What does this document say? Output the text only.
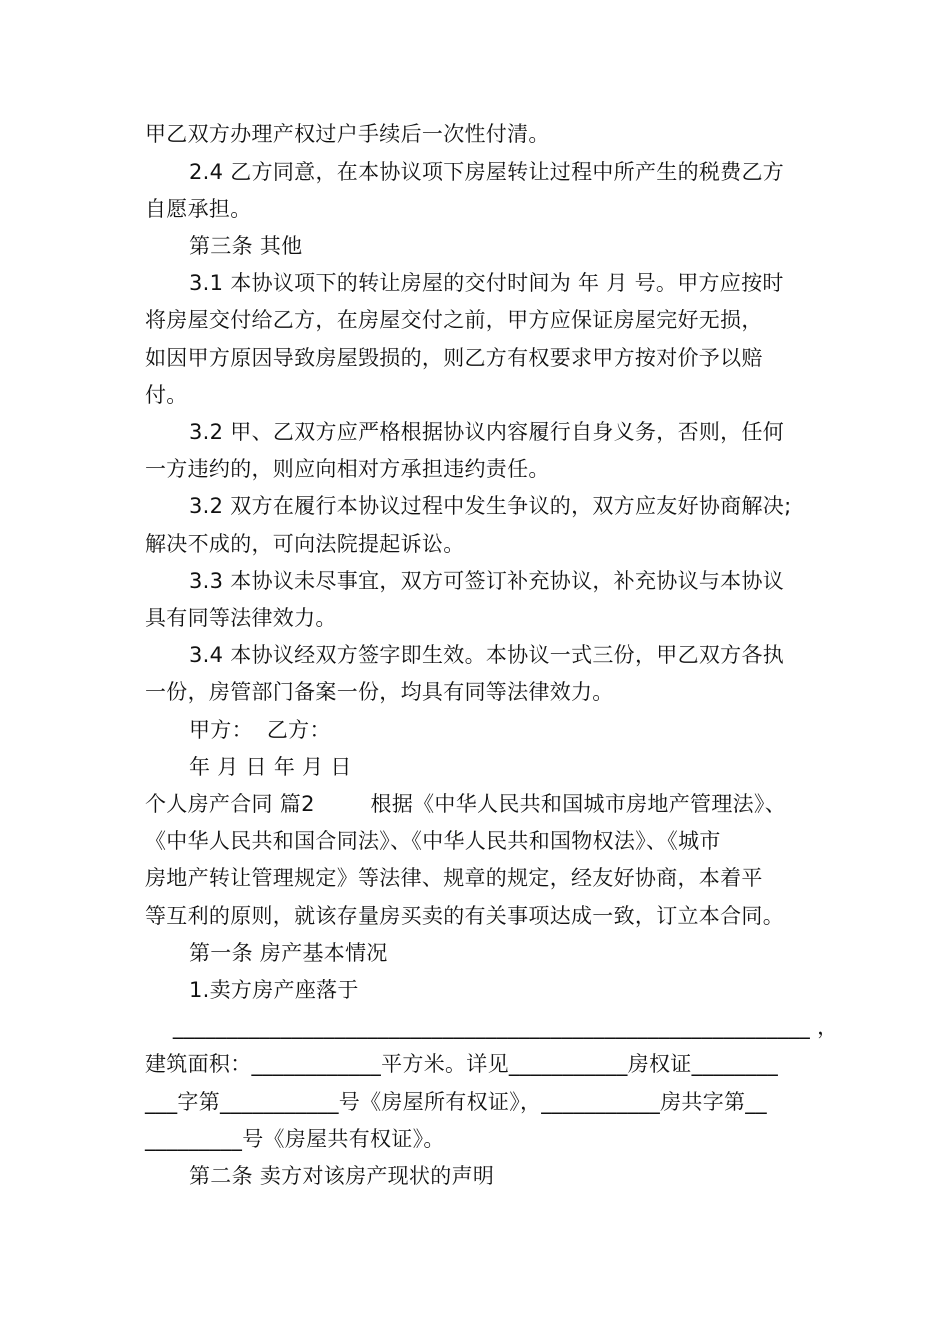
甲乙双方办理产权过户手续后一次性付清。
2.4 乙方同意，在本协议项下房屋转让过程中所产生的税费乙方
自愿承担。
第三条 其他
3.1 本协议项下的转让房屋的交付时间为 年 月 号。甲方应按时
将房屋交付给乙方，在房屋交付之前，甲方应保证房屋完好无损，
如因甲方原因导致房屋毁损的，则乙方有权要求甲方按对价予以赔
付。
3.2 甲、乙双方应严格根据协议内容履行自身义务，否则，任何
一方违约的，则应向相对方承担违约责任。
3.2 双方在履行本协议过程中发生争议的，双方应友好协商解决;
解决不成的，可向法院提起诉讼。
3.3 本协议未尽事宜，双方可签订补充协议，补充协议与本协议
具有同等法律效力。
3.4 本协议经双方签字即生效。本协议一式三份，甲乙双方各执
一份，房管部门备案一份，均具有同等法律效力。
甲方：  乙方：
年 月 日 年 月 日
个人房产合同 篇2        根据《中华人民共和国城市房地产管理法》、
《中华人民共和国合同法》、《中华人民共和国物权法》、《城市
房地产转让管理规定》等法律、规章的规定，经友好协商，本着平
等互利的原则，就该存量房买卖的有关事项达成一致，订立本合同。
第一条 房产基本情况
1.卖方房产座落于
___________________________________________________________ ，
建筑面积：____________平方米。详见___________房权证________
___字第___________号《房屋所有权证》，___________房共字第__
_________号《房屋共有权证》。
第二条 卖方对该房产现状的声明
